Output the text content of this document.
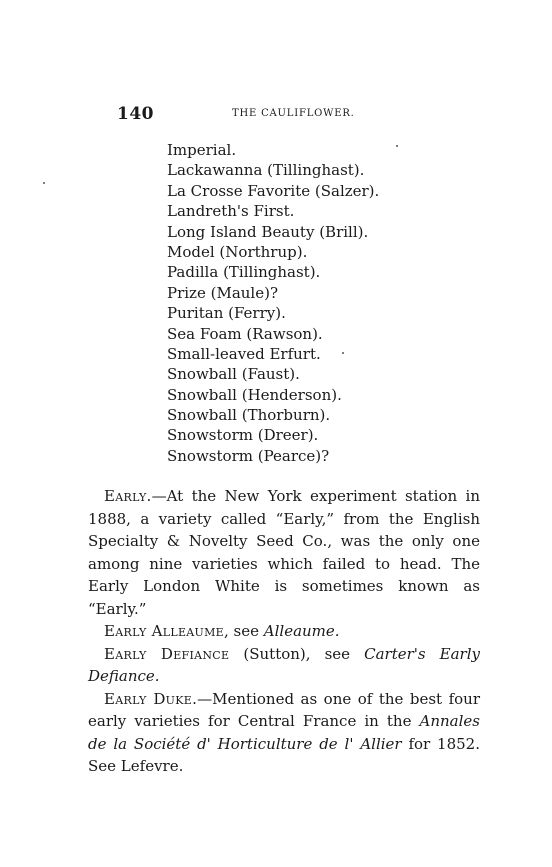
140	THE CAULIFLOWER.
Imperial.
Lackawanna (Tillinghast).
La Crosse Favorite (Salzer).
Landreth's First.
Long Island Beauty (Brill).
Model (Northrup).
Padilla (Tillinghast).
Prize (Maule)?
Puritan (Ferry).
Sea Foam (Rawson).
Small-leaved Erfurt.
Snowball (Faust).
Snowball (Henderson).
Snowball (Thorburn).
Snowstorm (Dreer).
Snowstorm (Pearce)?

Early.—At the New York experiment station in 1888, a variety called “Early,” from the English Specialty & Novelty Seed Co., was the only one among nine varieties which failed to head. The Early London White is sometimes known as “Early.”

Early Alleaume, see Alleaume.

Early Defiance (Sutton), see Carter's Early Defiance.

Early Duke.—Mentioned as one of the best four early varieties for Central France in the Annales de la Société d' Horticulture de l' Allier for 1852. See Lefevre.
